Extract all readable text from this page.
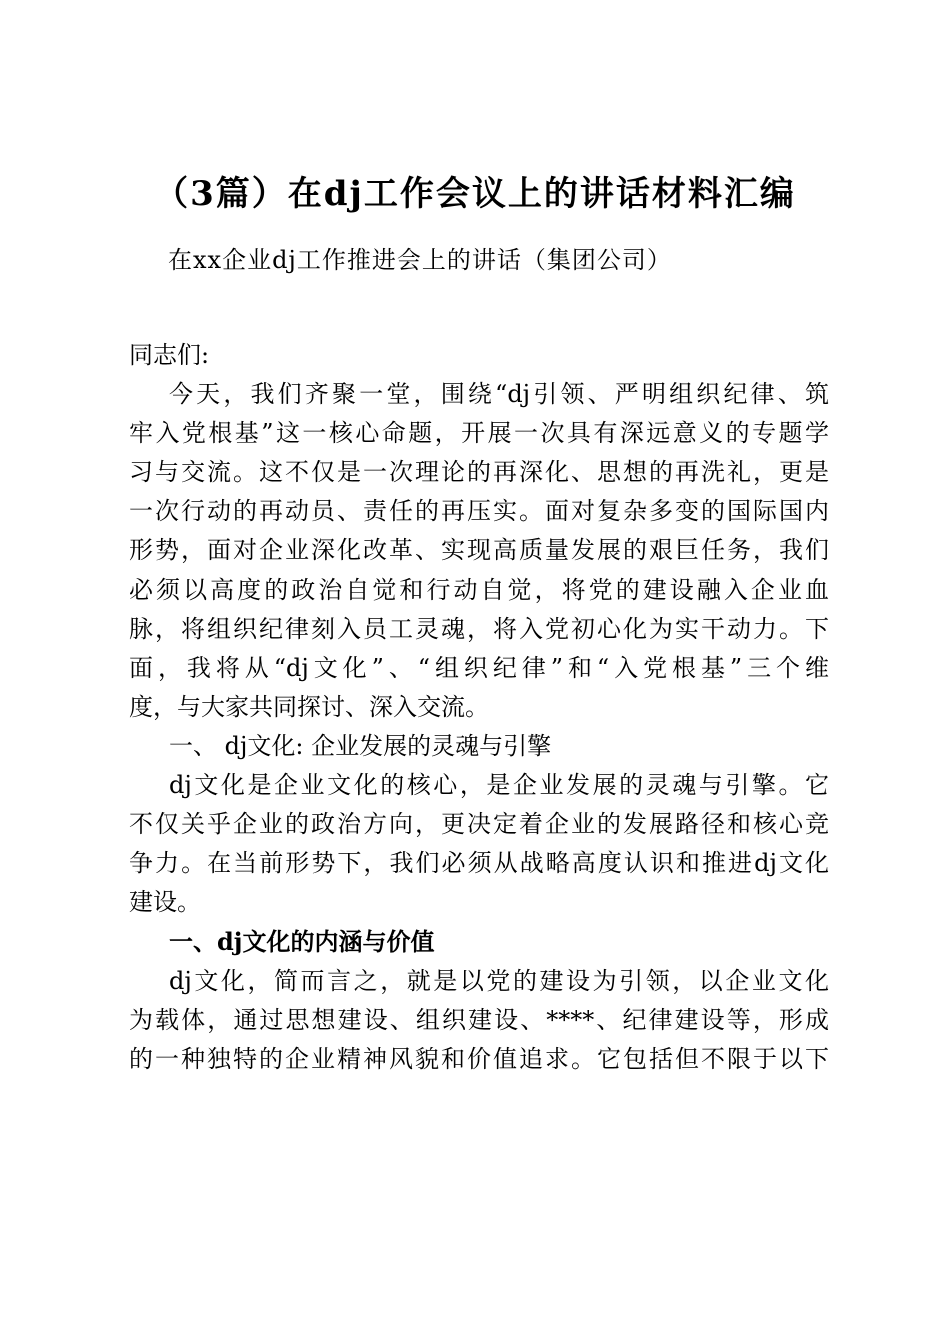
（3篇）在dj工作会议上的讲话材料汇编
在xx企业dj工作推进会上的讲话（集团公司）
同志们:
今天，我们齐聚一堂，围绕“dj引领、严明组织纪律、筑
牢入党根基”这一核心命题，开展一次具有深远意义的专题学
习与交流。这不仅是一次理论的再深化、思想的再洗礼，更是
一次行动的再动员、责任的再压实。面对复杂多变的国际国内
形势，面对企业深化改革、实现高质量发展的艰巨任务，我们
必须以高度的政治自觉和行动自觉，将党的建设融入企业血
脉，将组织纪律刻入员工灵魂，将入党初心化为实干动力。下
面，我将从“dj文化”、“组织纪律”和“入党根基”三个维
度，与大家共同探讨、深入交流。
一、 dj文化: 企业发展的灵魂与引擎
dj文化是企业文化的核心，是企业发展的灵魂与引擎。它
不仅关乎企业的政治方向，更决定着企业的发展路径和核心竞
争力。在当前形势下，我们必须从战略高度认识和推进dj文化
建设。
一、dj文化的内涵与价值
dj文化，简而言之，就是以党的建设为引领，以企业文化
为载体，通过思想建设、组织建设、****、纪律建设等，形成
的一种独特的企业精神风貌和价值追求。它包括但不限于以下
